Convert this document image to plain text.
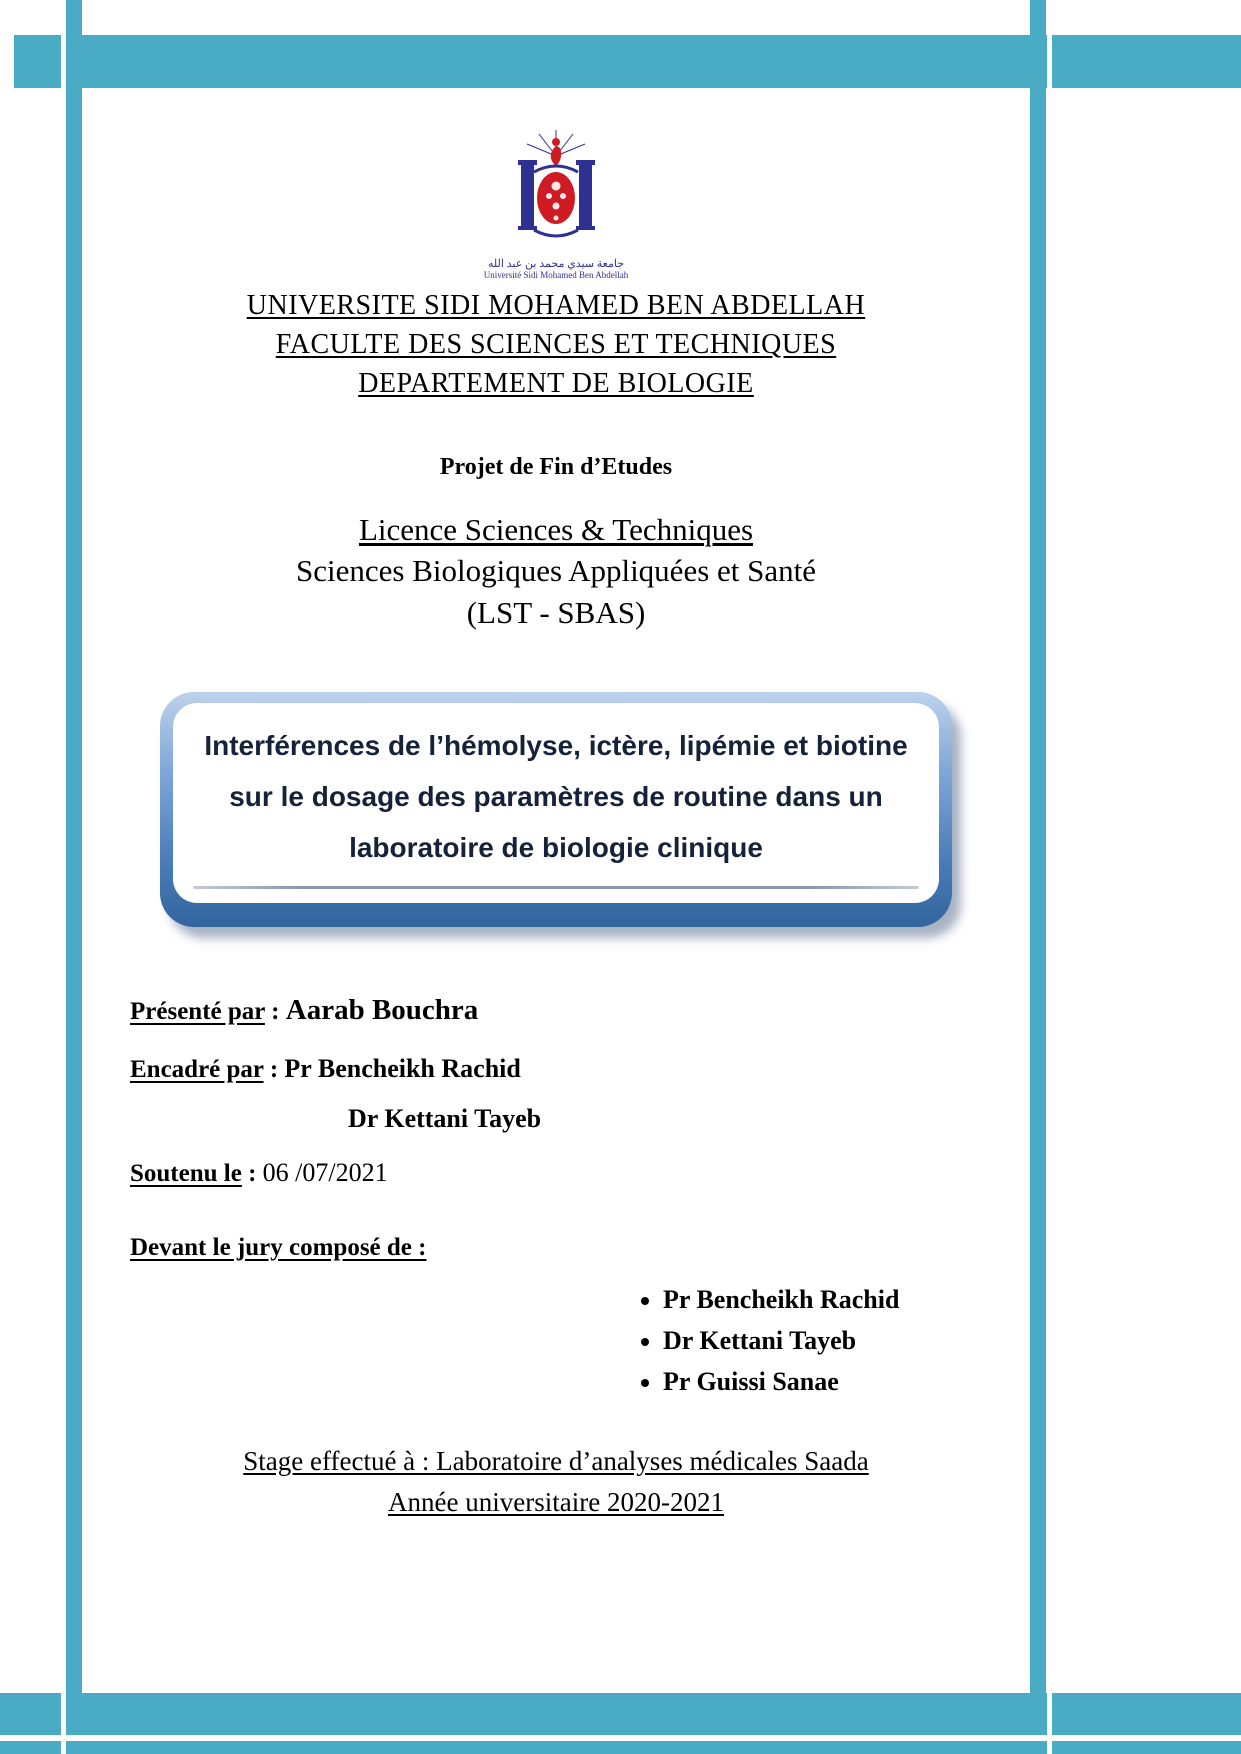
جامعة سيدي محمد بن عبد الله
Université Sidi Mohamed Ben Abdellah
UNIVERSITE SIDI MOHAMED BEN ABDELLAH
FACULTE DES SCIENCES ET TECHNIQUES
DEPARTEMENT DE BIOLOGIE
Projet de Fin d’Etudes
Licence Sciences & Techniques
Sciences Biologiques Appliquées et Santé
(LST - SBAS)
Interférences de l’hémolyse, ictère, lipémie et biotine sur le dosage des paramètres de routine dans un laboratoire de biologie clinique
Présenté par : Aarab Bouchra
Encadré par : Pr Bencheikh Rachid
Dr Kettani Tayeb
Soutenu le : 06 /07/2021
Devant le jury composé de :
• Pr Bencheikh Rachid
• Dr Kettani Tayeb
• Pr Guissi Sanae
Stage effectué à : Laboratoire d’analyses médicales Saada
Année universitaire 2020-2021
